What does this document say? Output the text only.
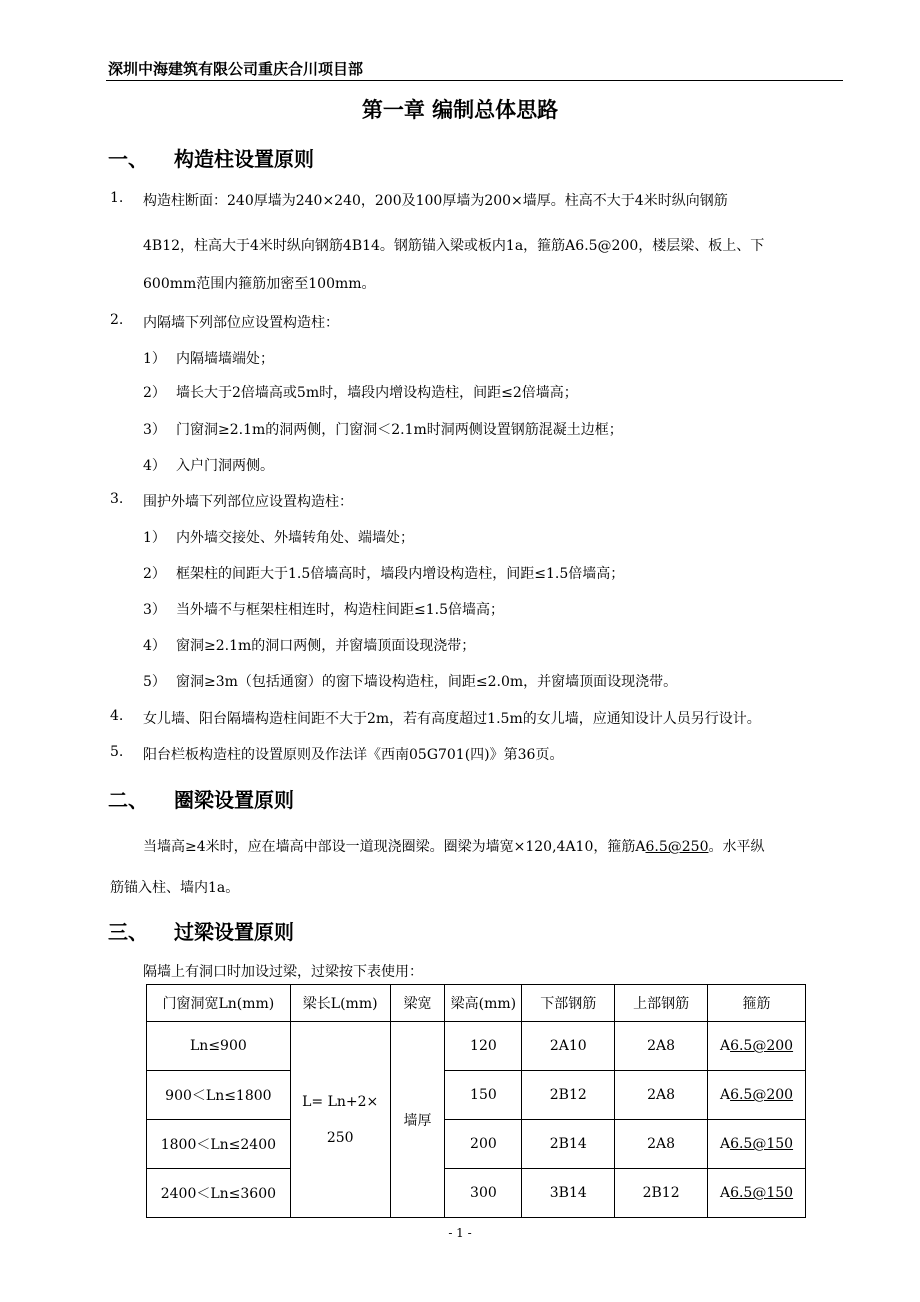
深圳中海建筑有限公司重庆合川项目部
第一章 编制总体思路
一、 构造柱设置原则
1. 构造柱断面：240厚墙为240×240，200及100厚墙为200×墙厚。柱高不大于4米时纵向钢筋
4B12，柱高大于4米时纵向钢筋4B14。钢筋锚入梁或板内1a，箍筋A6.5@200，楼层梁、板上、下
600mm范围内箍筋加密至100mm。
2. 内隔墙下列部位应设置构造柱：
1） 内隔墙墙端处；
2） 墙长大于2倍墙高或5m时，墙段内增设构造柱，间距≤2倍墙高；
3） 门窗洞≥2.1m的洞两侧，门窗洞＜2.1m时洞两侧设置钢筋混凝土边框；
4） 入户门洞两侧。
3. 围护外墙下列部位应设置构造柱：
1） 内外墙交接处、外墙转角处、端墙处；
2） 框架柱的间距大于1.5倍墙高时，墙段内增设构造柱，间距≤1.5倍墙高；
3） 当外墙不与框架柱相连时，构造柱间距≤1.5倍墙高；
4） 窗洞≥2.1m的洞口两侧，并窗墙顶面设现浇带；
5） 窗洞≥3m（包括通窗）的窗下墙设构造柱，间距≤2.0m，并窗墙顶面设现浇带。
4. 女儿墙、阳台隔墙构造柱间距不大于2m，若有高度超过1.5m的女儿墙，应通知设计人员另行设计。
5. 阳台栏板构造柱的设置原则及作法详《西南05G701(四)》第36页。
二、 圈梁设置原则
当墙高≥4米时，应在墙高中部设一道现浇圈梁。圈梁为墙宽×120,4A10，箍筋A6.5@250。水平纵
筋锚入柱、墙内1a。
三、 过梁设置原则
隔墙上有洞口时加设过梁，过梁按下表使用：
门窗洞宽Ln(mm)	梁长L(mm)	梁宽	梁高(mm)	下部钢筋	上部钢筋	箍筋
Ln≤900	L= Ln+2×
250	墙厚	120	2A10	2A8	A6.5@200
900＜Ln≤1800			150	2B12	2A8	A6.5@200
1800＜Ln≤2400			200	2B14	2A8	A6.5@150
2400＜Ln≤3600			300	3B14	2B12	A6.5@150
- 1 -
